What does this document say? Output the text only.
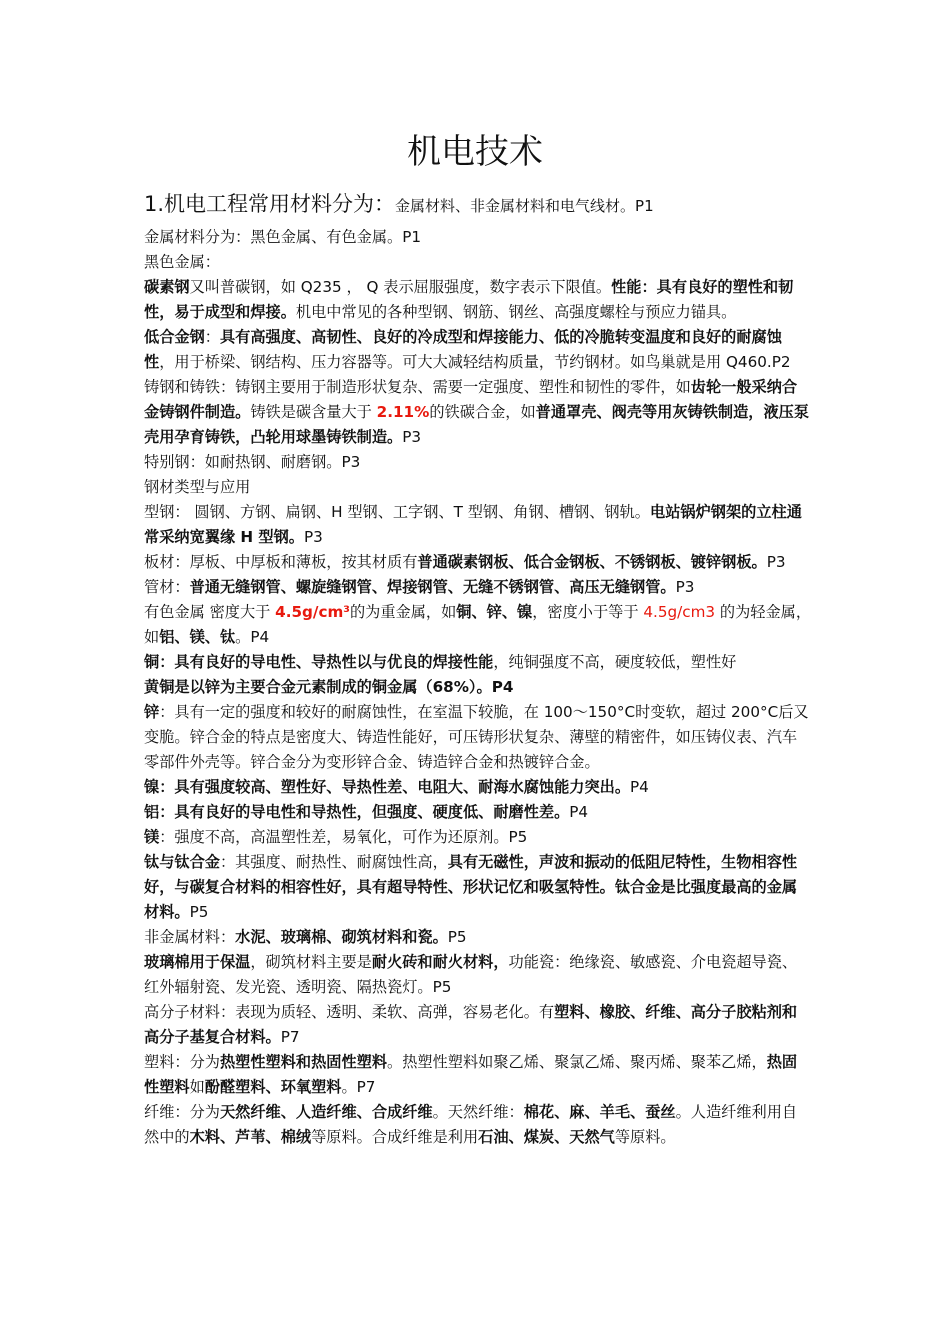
机电技术
1.机电工程常用材料分为：金属材料、非金属材料和电气线材。P1

金属材料分为：黑色金属、有色金属。P1

黑色金属：

碳素钢又叫普碳钢，如 Q235 ， Q 表示屈服强度，数字表示下限值。性能：具有良好的塑性和韧性，易于成型和焊接。机电中常见的各种型钢、钢筋、钢丝、高强度螺栓与预应力锚具。

低合金钢：具有高强度、高韧性、良好的冷成型和焊接能力、低的冷脆转变温度和良好的耐腐蚀性，用于桥梁、钢结构、压力容器等。可大大减轻结构质量，节约钢材。如鸟巢就是用 Q460.P2

铸钢和铸铁：铸钢主要用于制造形状复杂、需要一定强度、塑性和韧性的零件，如齿轮一般采纳合金铸钢件制造。铸铁是碳含量大于 2.11%的铁碳合金，如普通罩壳、阀壳等用灰铸铁制造，液压泵壳用孕育铸铁，凸轮用球墨铸铁制造。P3

特别钢：如耐热钢、耐磨钢。P3

钢材类型与应用

型钢： 圆钢、方钢、扁钢、H 型钢、工字钢、T 型钢、角钢、槽钢、钢轨。电站锅炉钢架的立柱通常采纳宽翼缘 H 型钢。P3

板材：厚板、中厚板和薄板，按其材质有普通碳素钢板、低合金钢板、不锈钢板、镀锌钢板。P3

管材：普通无缝钢管、螺旋缝钢管、焊接钢管、无缝不锈钢管、高压无缝钢管。P3

有色金属 密度大于 4.5g/cm³的为重金属，如铜、锌、镍，密度小于等于 4.5g/cm3 的为轻金属，如铝、镁、钛。P4

铜：具有良好的导电性、导热性以与优良的焊接性能，纯铜强度不高，硬度较低，塑性好

黄铜是以锌为主要合金元素制成的铜金属（68%）。P4

锌：具有一定的强度和较好的耐腐蚀性，在室温下较脆，在 100～150°C时变软，超过 200°C后又变脆。锌合金的特点是密度大、铸造性能好，可压铸形状复杂、薄壁的精密件，如压铸仪表、汽车零部件外壳等。锌合金分为变形锌合金、铸造锌合金和热镀锌合金。

镍：具有强度较高、塑性好、导热性差、电阻大、耐海水腐蚀能力突出。P4

铝：具有良好的导电性和导热性，但强度、硬度低、耐磨性差。P4

镁：强度不高，高温塑性差，易氧化，可作为还原剂。P5

钛与钛合金：其强度、耐热性、耐腐蚀性高，具有无磁性，声波和振动的低阻尼特性，生物相容性好，与碳复合材料的相容性好，具有超导特性、形状记忆和吸氢特性。钛合金是比强度最高的金属材料。P5

非金属材料：水泥、玻璃棉、砌筑材料和瓷。P5

玻璃棉用于保温，砌筑材料主要是耐火砖和耐火材料，功能瓷：绝缘瓷、敏感瓷、介电瓷超导瓷、红外辐射瓷、发光瓷、透明瓷、隔热瓷灯。P5

高分子材料：表现为质轻、透明、柔软、高弹，容易老化。有塑料、橡胶、纤维、高分子胶粘剂和高分子基复合材料。P7

塑料：分为热塑性塑料和热固性塑料。热塑性塑料如聚乙烯、聚氯乙烯、聚丙烯、聚苯乙烯，热固性塑料如酚醛塑料、环氧塑料。P7

纤维：分为天然纤维、人造纤维、合成纤维。天然纤维：棉花、麻、羊毛、蚕丝。人造纤维利用自然中的木料、芦苇、棉绒等原料。合成纤维是利用石油、煤炭、天然气等原料。
